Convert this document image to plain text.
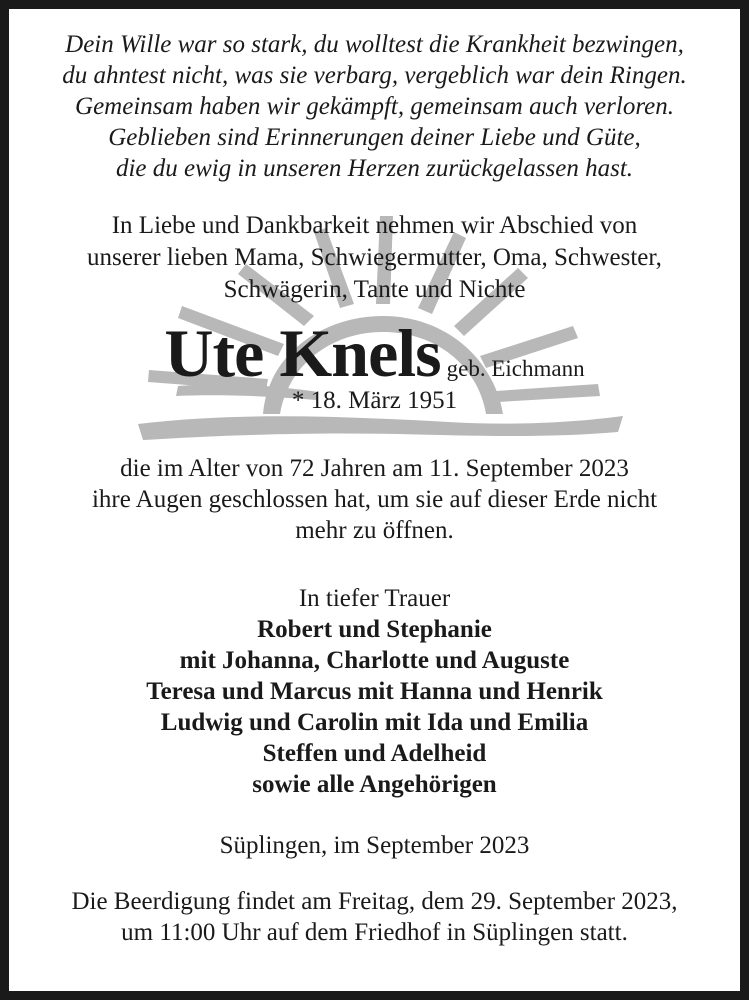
Dein Wille war so stark, du wolltest die Krankheit bezwingen,
du ahntest nicht, was sie verbarg, vergeblich war dein Ringen.
Gemeinsam haben wir gekämpft, gemeinsam auch verloren.
Geblieben sind Erinnerungen deiner Liebe und Güte,
die du ewig in unseren Herzen zurückgelassen hast.
In Liebe und Dankbarkeit nehmen wir Abschied von
unserer lieben Mama, Schwiegermutter, Oma, Schwester,
Schwägerin, Tante und Nichte
Ute Knels geb. Eichmann
* 18. März 1951
die im Alter von 72 Jahren am 11. September 2023
ihre Augen geschlossen hat, um sie auf dieser Erde nicht
mehr zu öffnen.
In tiefer Trauer
Robert und Stephanie
mit Johanna, Charlotte und Auguste
Teresa und Marcus mit Hanna und Henrik
Ludwig und Carolin mit Ida und Emilia
Steffen und Adelheid
sowie alle Angehörigen
Süplingen, im September 2023
Die Beerdigung findet am Freitag, dem 29. September 2023,
um 11:00 Uhr auf dem Friedhof in Süplingen statt.
